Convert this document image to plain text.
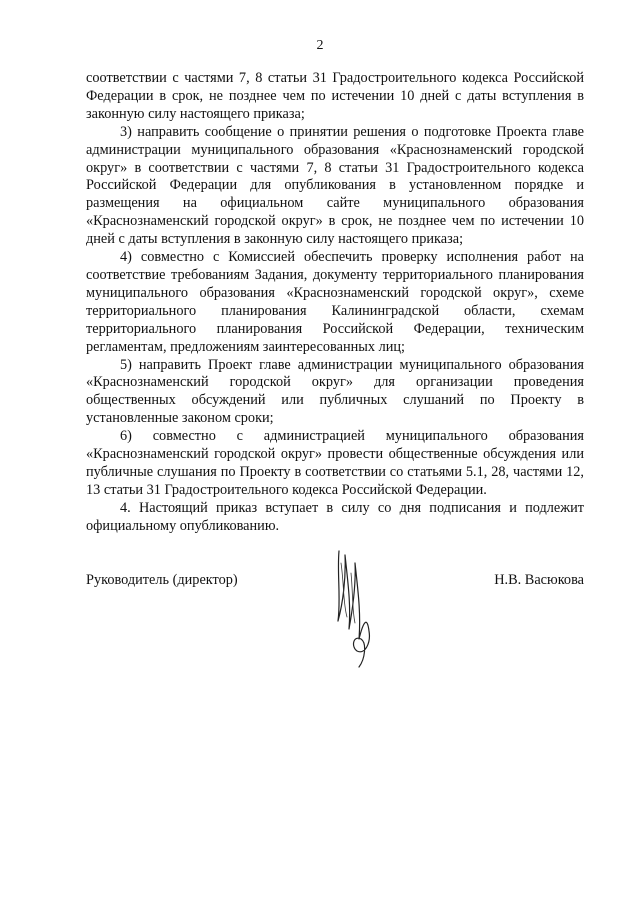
2

соответствии с частями 7, 8 статьи 31 Градостроительного кодекса Российской Федерации в срок, не позднее чем по истечении 10 дней с даты вступления в законную силу настоящего приказа;

3) направить сообщение о принятии решения о подготовке Проекта главе администрации муниципального образования «Краснознаменский городской округ» в соответствии с частями 7, 8 статьи 31 Градостроительного кодекса Российской Федерации для опубликования в установленном порядке и размещения на официальном сайте муниципального образования «Краснознаменский городской округ» в срок, не позднее чем по истечении 10 дней с даты вступления в законную силу настоящего приказа;

4) совместно с Комиссией обеспечить проверку исполнения работ на соответствие требованиям Задания, документу территориального планирования муниципального образования «Краснознаменский городской округ», схеме территориального планирования Калининградской области, схемам территориального планирования Российской Федерации, техническим регламентам, предложениям заинтересованных лиц;

5) направить Проект главе администрации муниципального образования «Краснознаменский городской округ» для организации проведения общественных обсуждений или публичных слушаний по Проекту в установленные законом сроки;

6) совместно с администрацией муниципального образования «Краснознаменский городской округ» провести общественные обсуждения или публичные слушания по Проекту в соответствии со статьями 5.1, 28, частями 12, 13 статьи 31 Градостроительного кодекса Российской Федерации.

4. Настоящий приказ вступает в силу со дня подписания и подлежит официальному опубликованию.

Руководитель (директор)	Н.В. Васюкова
